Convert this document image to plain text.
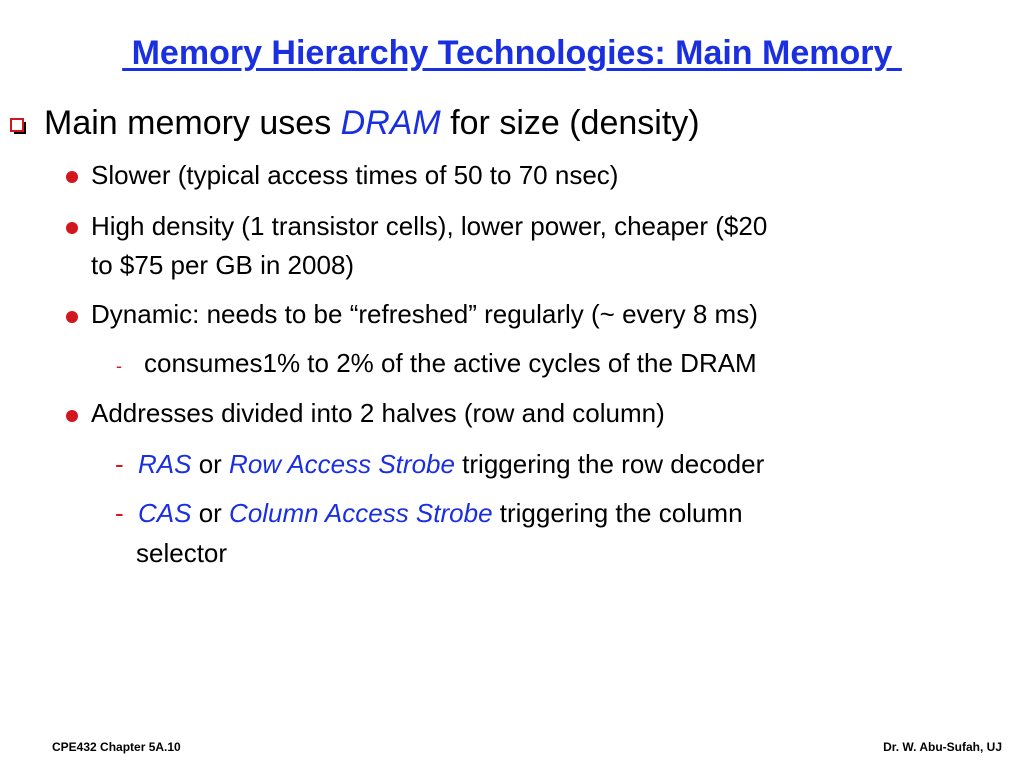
Memory Hierarchy Technologies: Main Memory
Main memory uses DRAM for size (density)
Slower (typical access times of 50 to 70 nsec)
High density (1 transistor cells), lower power, cheaper ($20
to $75 per GB in 2008)
Dynamic: needs to be “refreshed” regularly (~ every 8 ms)
- consumes1% to 2% of the active cycles of the DRAM
Addresses divided into 2 halves (row and column)
- RAS or Row Access Strobe triggering the row decoder
- CAS or Column Access Strobe triggering the column
selector
CPE432 Chapter 5A.10	Dr. W. Abu-Sufah, UJ
